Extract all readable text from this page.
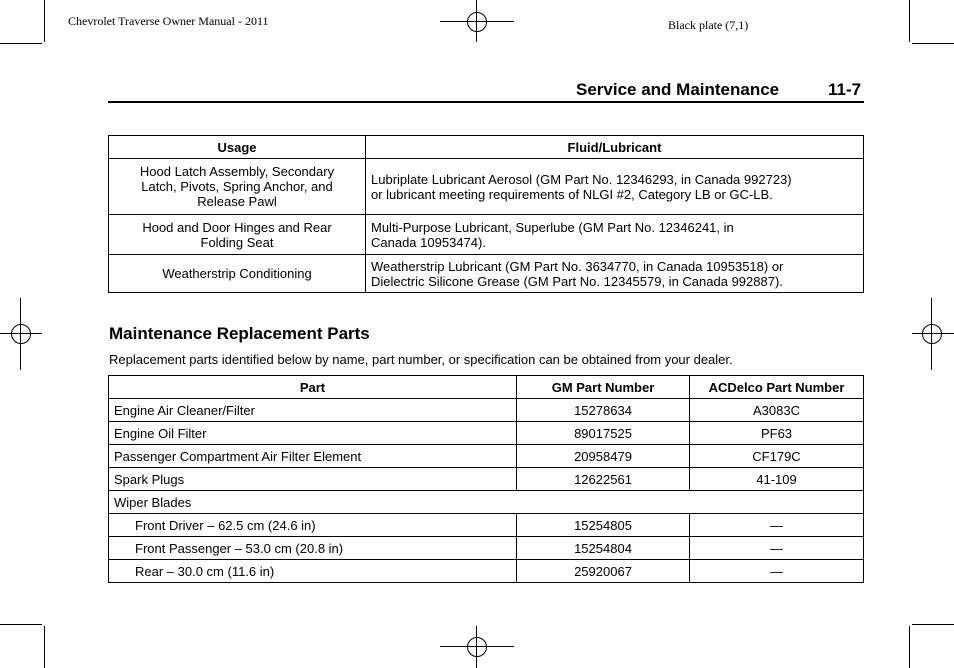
Chevrolet Traverse Owner Manual - 2011	Black plate (7,1)
Service and Maintenance	11-7
Usage	Fluid/Lubricant
Hood Latch Assembly, Secondary
Latch, Pivots, Spring Anchor, and
Release Pawl	Lubriplate Lubricant Aerosol (GM Part No. 12346293, in Canada 992723)
or lubricant meeting requirements of NLGI #2, Category LB or GC-LB.
Hood and Door Hinges and Rear
Folding Seat	Multi-Purpose Lubricant, Superlube (GM Part No. 12346241, in
Canada 10953474).
Weatherstrip Conditioning	Weatherstrip Lubricant (GM Part No. 3634770, in Canada 10953518) or
Dielectric Silicone Grease (GM Part No. 12345579, in Canada 992887).
Maintenance Replacement Parts
Replacement parts identified below by name, part number, or specification can be obtained from your dealer.
Part	GM Part Number	ACDelco Part Number
Engine Air Cleaner/Filter	15278634	A3083C
Engine Oil Filter	89017525	PF63
Passenger Compartment Air Filter Element	20958479	CF179C
Spark Plugs	12622561	41-109
Wiper Blades		
Front Driver – 62.5 cm (24.6 in)	15254805	—
Front Passenger – 53.0 cm (20.8 in)	15254804	—
Rear – 30.0 cm (11.6 in)	25920067	—
